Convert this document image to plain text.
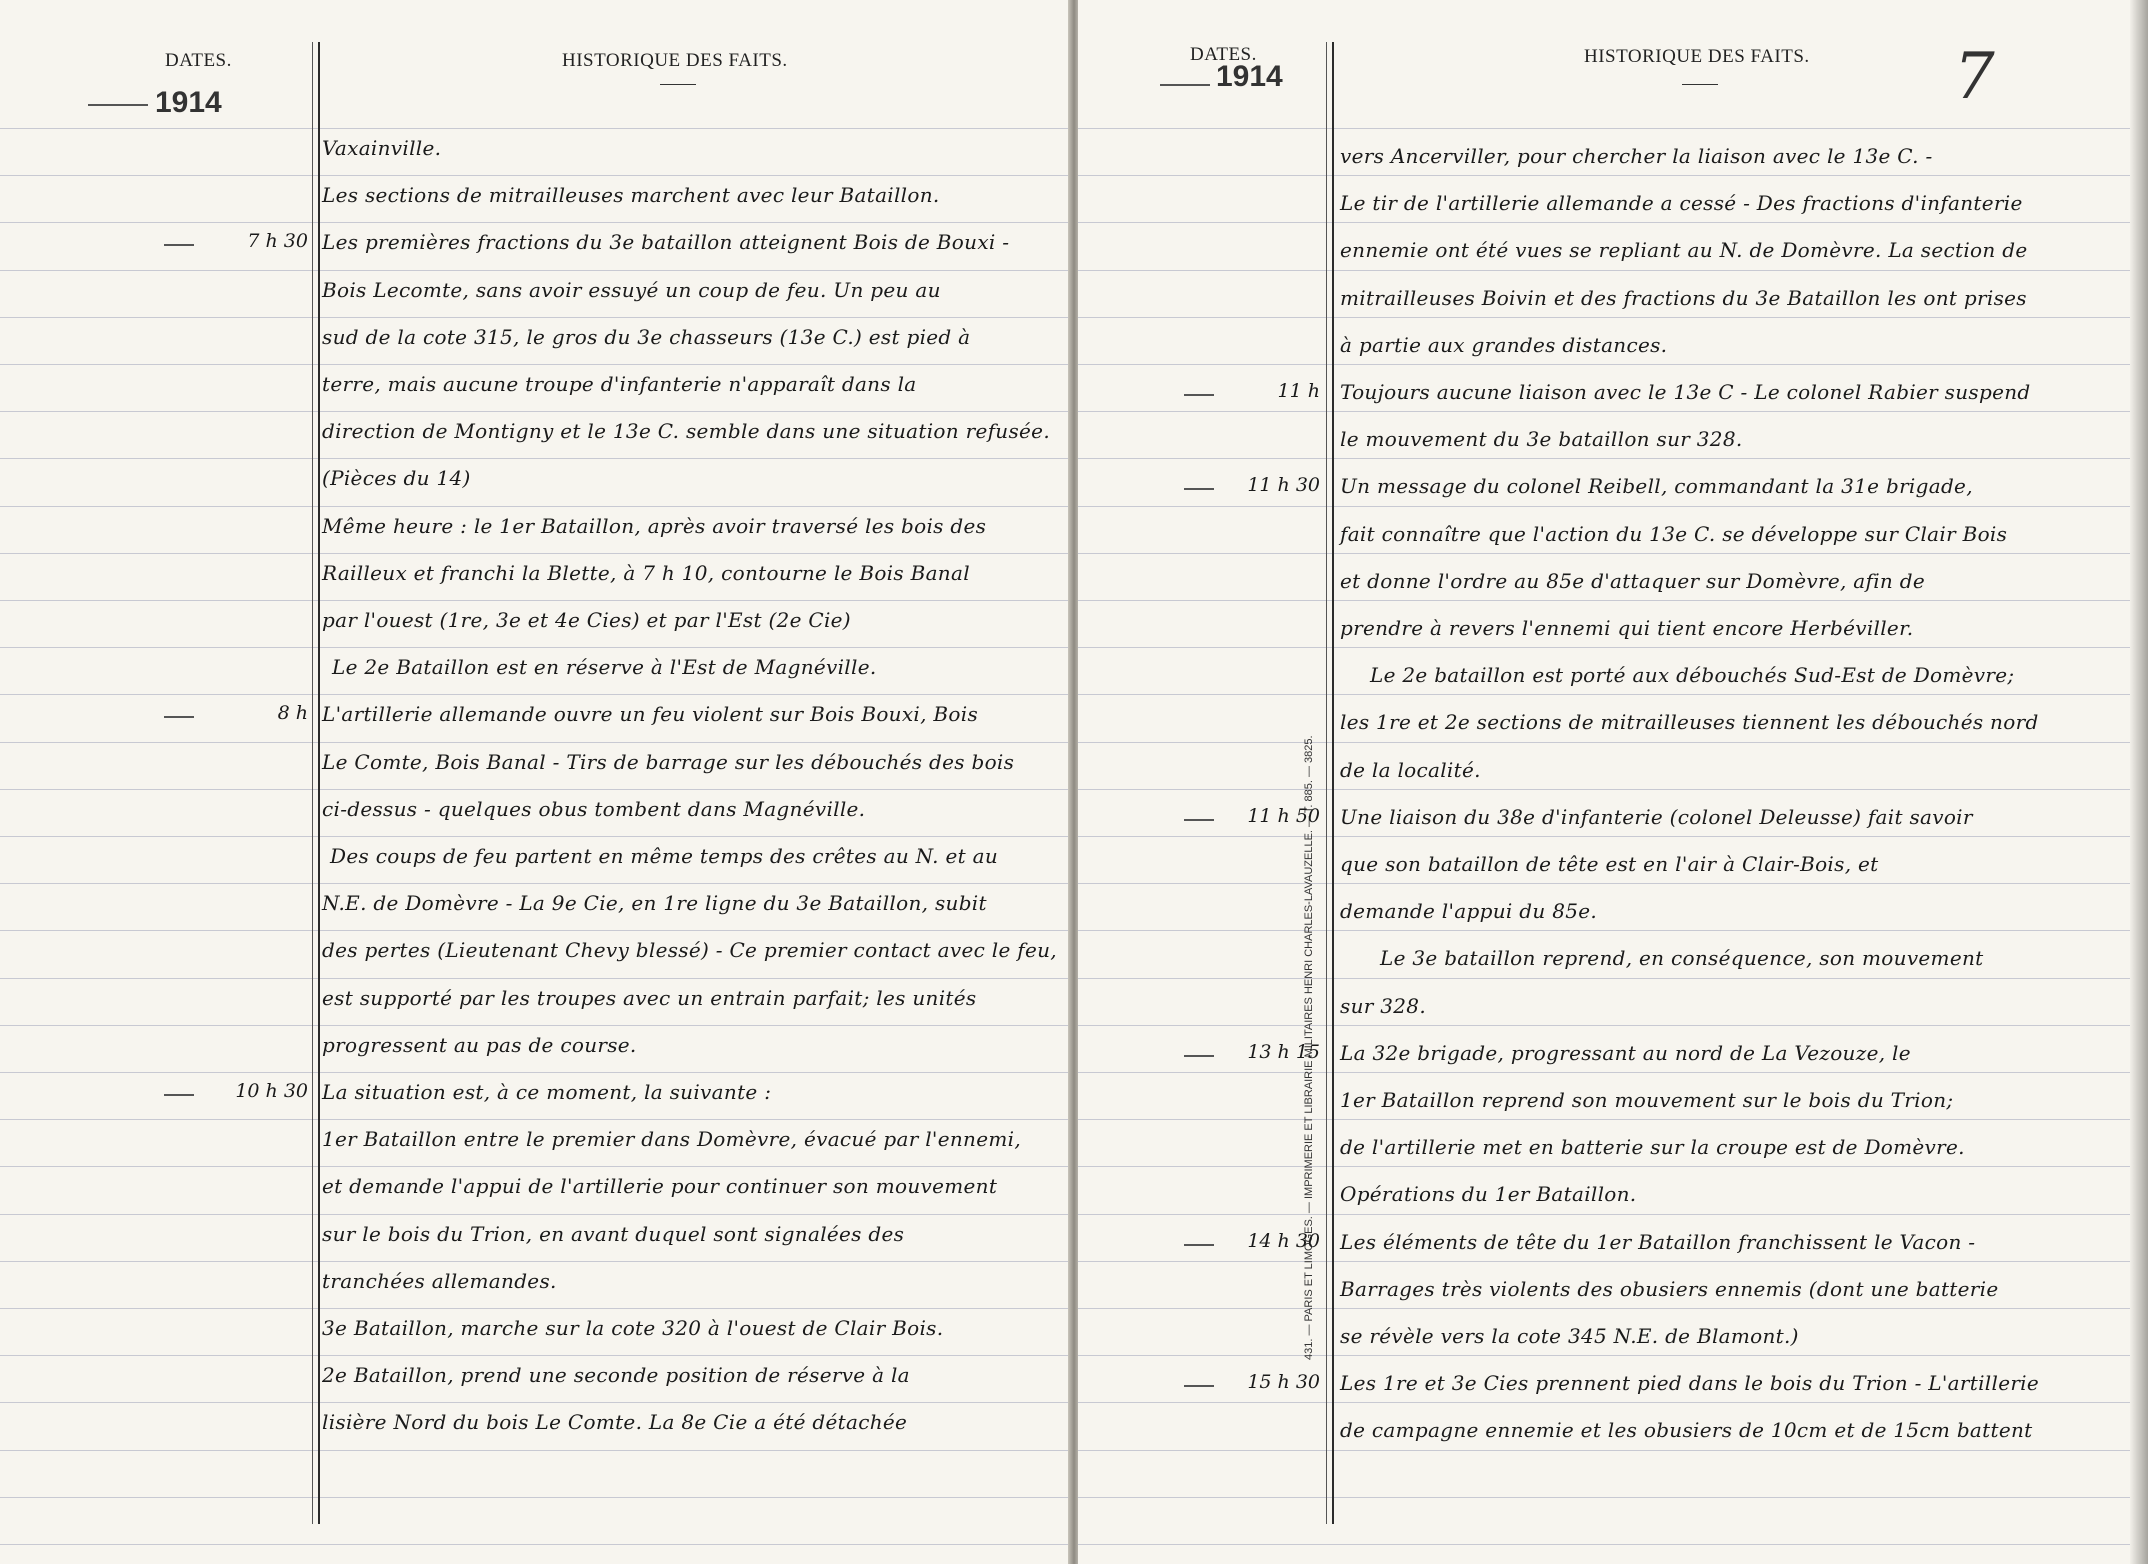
DATES.
1914
HISTORIQUE DES FAITS.
7 h 30
8 h
10 h 30
Vaxainville.
Les sections de mitrailleuses marchent avec leur Bataillon.
Les premières fractions du 3e bataillon atteignent Bois de Bouxi -
Bois Lecomte, sans avoir essuyé un coup de feu. Un peu au
sud de la cote 315, le gros du 3e chasseurs (13e C.) est pied à
terre, mais aucune troupe d'infanterie n'apparaît dans la
direction de Montigny et le 13e C. semble dans une situation refusée.
(Pièces du 14)
Même heure : le 1er Bataillon, après avoir traversé les bois des
Railleux et franchi la Blette, à 7 h 10, contourne le Bois Banal
par l'ouest (1re, 3e et 4e Cies) et par l'Est (2e Cie)
Le 2e Bataillon est en réserve à l'Est de Magnéville.
L'artillerie allemande ouvre un feu violent sur Bois Bouxi, Bois
Le Comte, Bois Banal - Tirs de barrage sur les débouchés des bois
ci-dessus - quelques obus tombent dans Magnéville.
Des coups de feu partent en même temps des crêtes au N. et au
N.E. de Domèvre - La 9e Cie, en 1re ligne du 3e Bataillon, subit
des pertes (Lieutenant Chevy blessé) - Ce premier contact avec le feu,
est supporté par les troupes avec un entrain parfait; les unités
progressent au pas de course.
La situation est, à ce moment, la suivante :
1er Bataillon entre le premier dans Domèvre, évacué par l'ennemi,
et demande l'appui de l'artillerie pour continuer son mouvement
sur le bois du Trion, en avant duquel sont signalées des
tranchées allemandes.
3e Bataillon, marche sur la cote 320 à l'ouest de Clair Bois.
2e Bataillon, prend une seconde position de réserve à la
lisière Nord du bois Le Comte. La 8e Cie a été détachée
DATES.
1914
HISTORIQUE DES FAITS. 7
431. — PARIS ET LIMOGES. — IMPRIMERIE ET LIBRAIRIE MILITAIRES HENRI CHARLES-LAVAUZELLE. — T. 885. — 3825.
11 h
11 h 30
11 h 50
13 h 15
14 h 30
15 h 30
vers Ancerviller, pour chercher la liaison avec le 13e C. -
Le tir de l'artillerie allemande a cessé - Des fractions d'infanterie
ennemie ont été vues se repliant au N. de Domèvre. La section de
mitrailleuses Boivin et des fractions du 3e Bataillon les ont prises
à partie aux grandes distances.
Toujours aucune liaison avec le 13e C - Le colonel Rabier suspend
le mouvement du 3e bataillon sur 328.
Un message du colonel Reibell, commandant la 31e brigade,
fait connaître que l'action du 13e C. se développe sur Clair Bois
et donne l'ordre au 85e d'attaquer sur Domèvre, afin de
prendre à revers l'ennemi qui tient encore Herbéviller.
Le 2e bataillon est porté aux débouchés Sud-Est de Domèvre;
les 1re et 2e sections de mitrailleuses tiennent les débouchés nord
de la localité.
Une liaison du 38e d'infanterie (colonel Deleusse) fait savoir
que son bataillon de tête est en l'air à Clair-Bois, et
demande l'appui du 85e.
Le 3e bataillon reprend, en conséquence, son mouvement
sur 328.
La 32e brigade, progressant au nord de La Vezouze, le
1er Bataillon reprend son mouvement sur le bois du Trion;
de l'artillerie met en batterie sur la croupe est de Domèvre.
Opérations du 1er Bataillon.
Les éléments de tête du 1er Bataillon franchissent le Vacon -
Barrages très violents des obusiers ennemis (dont une batterie
se révèle vers la cote 345 N.E. de Blamont.)
Les 1re et 3e Cies prennent pied dans le bois du Trion - L'artillerie
de campagne ennemie et les obusiers de 10cm et de 15cm battent
